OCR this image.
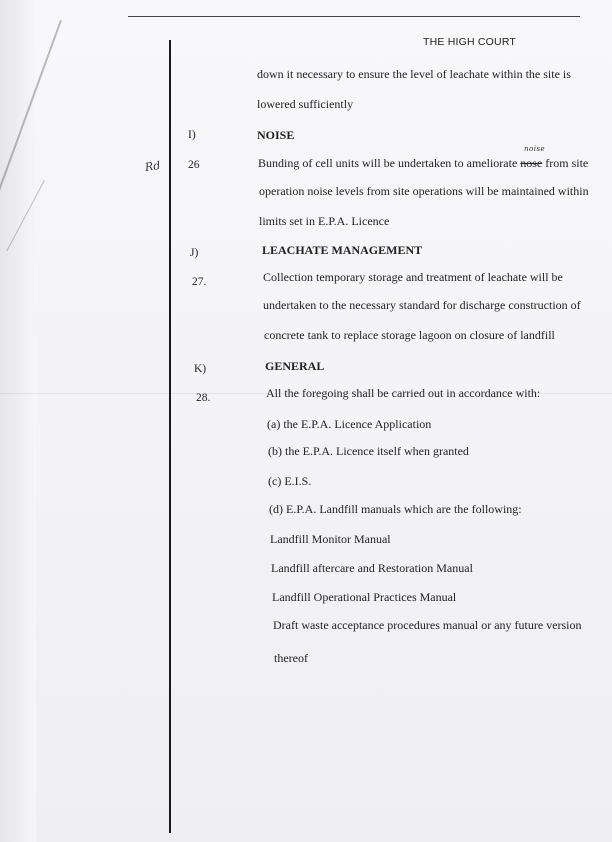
THE HIGH COURT
down it necessary to ensure the level of leachate within the site is
lowered sufficiently
I)	NOISE
Rd
noise
26	Bunding of cell units will be undertaken to ameliorate nose from site
operation noise levels from site operations will be maintained within
limits set in E.P.A. Licence
J)	LEACHATE MANAGEMENT
27.	Collection temporary storage and treatment of leachate will be
undertaken to the necessary standard for discharge construction of
concrete tank to replace storage lagoon on closure of landfill
K)	GENERAL
28.	All the foregoing shall be carried out in accordance with:
(a) the E.P.A. Licence Application
(b) the E.P.A. Licence itself when granted
(c) E.I.S.
(d) E.P.A. Landfill manuals which are the following:
Landfill Monitor Manual
Landfill aftercare and Restoration Manual
Landfill Operational Practices Manual
Draft waste acceptance procedures manual or any future version
thereof
